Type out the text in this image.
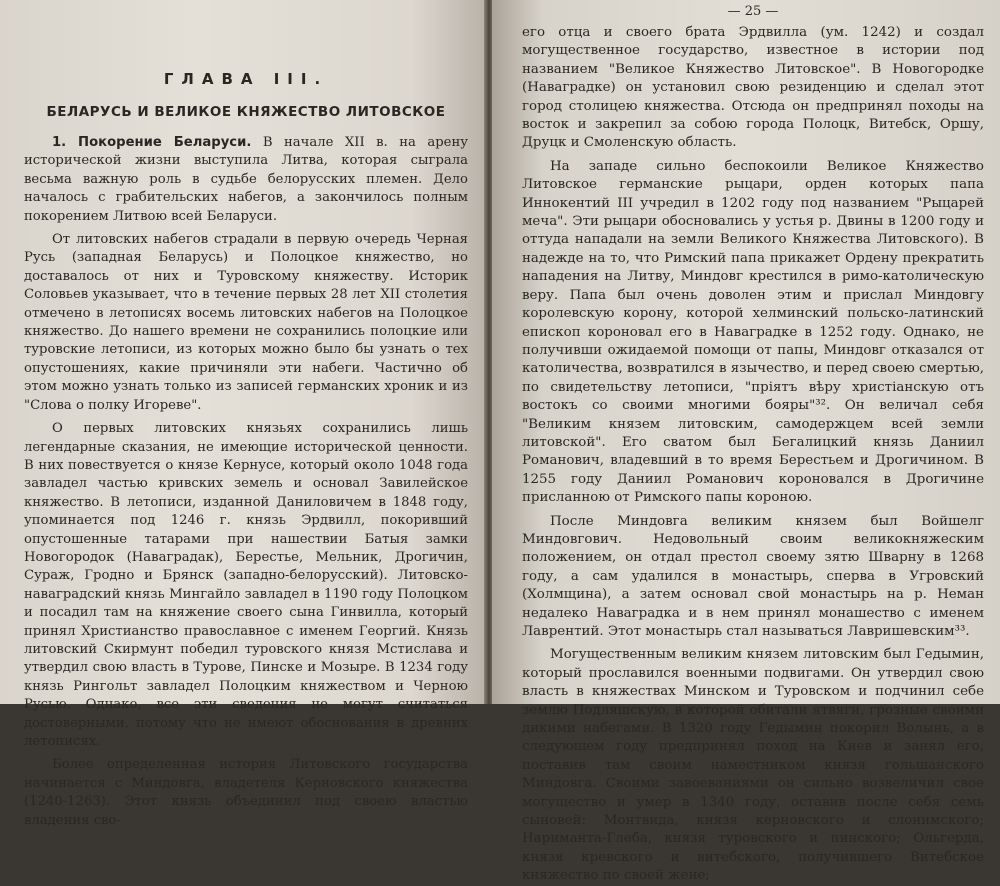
ГЛАВА III.
БЕЛАРУСЬ И ВЕЛИКОЕ КНЯЖЕСТВО ЛИТОВСКОЕ

1. Покорение Беларуси. В начале XII в. на арену исторической жизни выступила Литва, которая сыграла весьма важную роль в судьбе белорусских племен. Дело началось с грабительских набегов, а закончилось полным покорением Литвою всей Беларуси.

От литовских набегов страдали в первую очередь Черная Русь (западная Беларусь) и Полоцкое княжество, но доставалось от них и Туровскому княжеству. Историк Соловьев указывает, что в течение первых 28 лет XII столетия отмечено в летописях восемь литовских набегов на Полоцкое княжество. До нашего времени не сохранились полоцкие или туровские летописи, из которых можно было бы узнать о тех опустошениях, какие причиняли эти набеги. Частично об этом можно узнать только из записей германских хроник и из "Слова о полку Игореве".

О первых литовских князьях сохранились лишь легендарные сказания, не имеющие исторической ценности. В них повествуется о князе Кернусе, который около 1048 года завладел частью кривских земель и основал Завилейское княжество. В летописи, изданной Даниловичем в 1848 году, упоминается под 1246 г. князь Эрдвилл, покоривший опустошенные татарами при нашествии Батыя замки Новогородок (Наваградак), Берестье, Мельник, Дрогичин, Сураж, Гродно и Брянск (западно-белорусский). Литовско-наваградский князь Мингайло завладел в 1190 году Полоцком и посадил там на княжение своего сына Гинвилла, который принял Христианство православное с именем Георгий. Князь литовский Скирмунт победил туровского князя Мстислава и утвердил свою власть в Турове, Пинске и Мозыре. В 1234 году князь Рингольт завладел Полоцким княжеством и Черною Русью. Однако, все эти сведения не могут считаться достоверными, потому что не имеют обоснования в древних летописях.

Более определенная история Литовского государства начинается с Миндовга, владетеля Керновского княжества (1240-1263). Этот князь объединил под своею властью владения сво-

— 25 —

его отца и своего брата Эрдвилла (ум. 1242) и создал могущественное государство, известное в истории под названием "Великое Княжество Литовское". В Новогородке (Наваградке) он установил свою резиденцию и сделал этот город столицею княжества. Отсюда он предпринял походы на восток и закрепил за собою города Полоцк, Витебск, Оршу, Друцк и Смоленскую область.

На западе сильно беспокоили Великое Княжество Литовское германские рыцари, орден которых папа Иннокентий III учредил в 1202 году под названием "Рыцарей меча". Эти рыцари обосновались у устья р. Двины в 1200 году и оттуда нападали на земли Великого Княжества Литовского). В надежде на то, что Римский папа прикажет Ордену прекратить нападения на Литву, Миндовг крестился в римо-католическую веру. Папа был очень доволен этим и прислал Миндовгу королевскую корону, которой хелминский польско-латинский епископ короновал его в Наваградке в 1252 году. Однако, не получивши ожидаемой помощи от папы, Миндовг отказался от католичества, возвратился в язычество, и перед своею смертью, по свидетельству летописи, "прiятъ вѣру христiанскую отъ востокъ со своими многими бояры"³². Он величал себя "Великим князем литовским, самодержцем всей земли литовской". Его сватом был Бегалицкий князь Даниил Романович, владевший в то время Берестьем и Дрогичином. В 1255 году Даниил Романович короновался в Дрогичине присланною от Римского папы короною.

После Миндовга великим князем был Войшелг Миндовгович. Недовольный своим великокняжеским положением, он отдал престол своему зятю Шварну в 1268 году, а сам удалился в монастырь, сперва в Угровский (Холмщина), а затем основал свой монастырь на р. Неман недалеко Наваградка и в нем принял монашество с именем Лаврентий. Этот монастырь стал называться Лавришевским³³.

Могущественным великим князем литовским был Гедымин, который прославился военными подвигами. Он утвердил свою власть в княжествах Минском и Туровском и подчинил себе землю Подляшскую, в которой обитали ятвяги, грозные своими дикими набегами. В 1320 году Гедымин покорил Волынь, а в следующем году предпринял поход на Киев и занял его, поставив там своим наместником князя гольшанского Миндовга. Своими завоеваниями он сильно возвеличил свое могущество и умер в 1340 году, оставив после себя семь сыновей: Монтвида, князя керновского и слонимского; Нариманта-Глеба, князя туровского и пинского; Ольгерда, князя кревского и витебского, получившего Витебское княжество по своей жене;
